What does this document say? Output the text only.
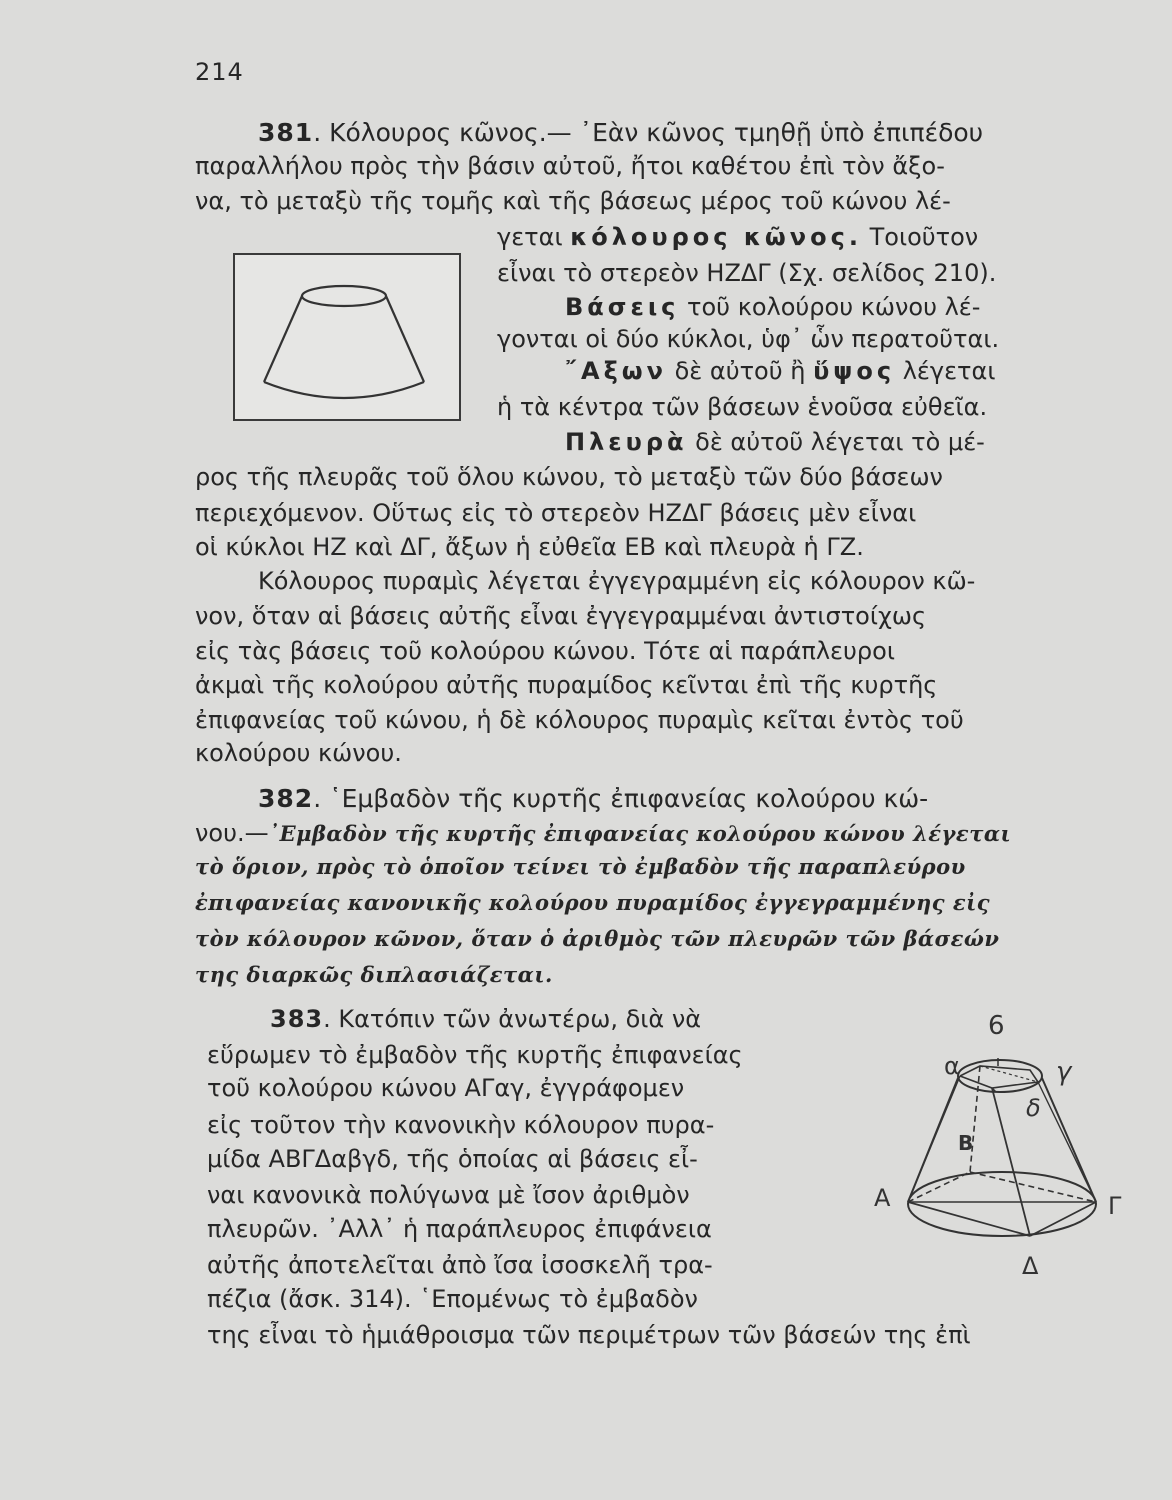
214
381. Κόλουρος κῶνος.— ᾿Εὰν κῶνος τμηθῇ ὑπὸ ἐπιπέδου
παραλλήλου πρὸς τὴν βάσιν αὐτοῦ, ἤτοι καθέτου ἐπὶ τὸν ἄξο-
να, τὸ μεταξὺ τῆς τομῆς καὶ τῆς βάσεως μέρος τοῦ κώνου λέ-
γεται κόλουρος κῶνος. Τοιοῦτον
εἶναι τὸ στερεὸν ΗΖΔΓ (Σχ. σελίδος 210).
Βάσεις τοῦ κολούρου κώνου λέ-
γονται οἱ δύο κύκλοι, ὑφ᾿ ὧν περατοῦται.
῎Αξων δὲ αὐτοῦ ἢ ὕψος λέγεται
ἡ τὰ κέντρα τῶν βάσεων ἑνοῦσα εὐθεῖα.
Πλευρὰ δὲ αὐτοῦ λέγεται τὸ μέ-
ρος τῆς πλευρᾶς τοῦ ὅλου κώνου, τὸ μεταξὺ τῶν δύο βάσεων
περιεχόμενον. Οὕτως εἰς τὸ στερεὸν ΗΖΔΓ βάσεις μὲν εἶναι
οἱ κύκλοι ΗΖ καὶ ΔΓ, ἄξων ἡ εὐθεῖα ΕΒ καὶ πλευρὰ ἡ ΓΖ.
Κόλουρος πυραμὶς λέγεται ἐγγεγραμμένη εἰς κόλουρον κῶ-
νον, ὅταν αἱ βάσεις αὐτῆς εἶναι ἐγγεγραμμέναι ἀντιστοίχως
εἰς τὰς βάσεις τοῦ κολούρου κώνου. Τότε αἱ παράπλευροι
ἀκμαὶ τῆς κολούρου αὐτῆς πυραμίδος κεῖνται ἐπὶ τῆς κυρτῆς
ἐπιφανείας τοῦ κώνου, ἡ δὲ κόλουρος πυραμὶς κεῖται ἐντὸς τοῦ
κολούρου κώνου.
382. ῾Εμβαδὸν τῆς κυρτῆς ἐπιφανείας κολούρου κώ-
νου.—᾿Εμβαδὸν τῆς κυρτῆς ἐπιφανείας κολούρου κώνου λέγεται
τὸ ὅριον, πρὸς τὸ ὁποῖον τείνει τὸ ἐμβαδὸν τῆς παραπλεύρου
ἐπιφανείας κανονικῆς κολούρου πυραμίδος ἐγγεγραμμένης εἰς
τὸν κόλουρον κῶνον, ὅταν ὁ ἀριθμὸς τῶν πλευρῶν τῶν βάσεών
της διαρκῶς διπλασιάζεται.
383. Κατόπιν τῶν ἀνωτέρω, διὰ νὰ
εὕρωμεν τὸ ἐμβαδὸν τῆς κυρτῆς ἐπιφανείας
τοῦ κολούρου κώνου ΑΓαγ, ἐγγράφομεν
εἰς τοῦτον τὴν κανονικὴν κόλουρον πυρα-
μίδα ΑΒΓΔαβγδ, τῆς ὁποίας αἱ βάσεις εἶ-
ναι κανονικὰ πολύγωνα μὲ ἴσον ἀριθμὸν
πλευρῶν. ᾿Αλλ᾿ ἡ παράπλευρος ἐπιφάνεια
αὐτῆς ἀποτελεῖται ἀπὸ ἴσα ἰσοσκελῆ τρα-
πέζια (ἄσκ. 314). ῾Επομένως τὸ ἐμβαδὸν
της εἶναι τὸ ἡμιάθροισμα τῶν περιμέτρων τῶν βάσεών της ἐπὶ
6
α	γ
δ
Β
Α	Γ
Δ
